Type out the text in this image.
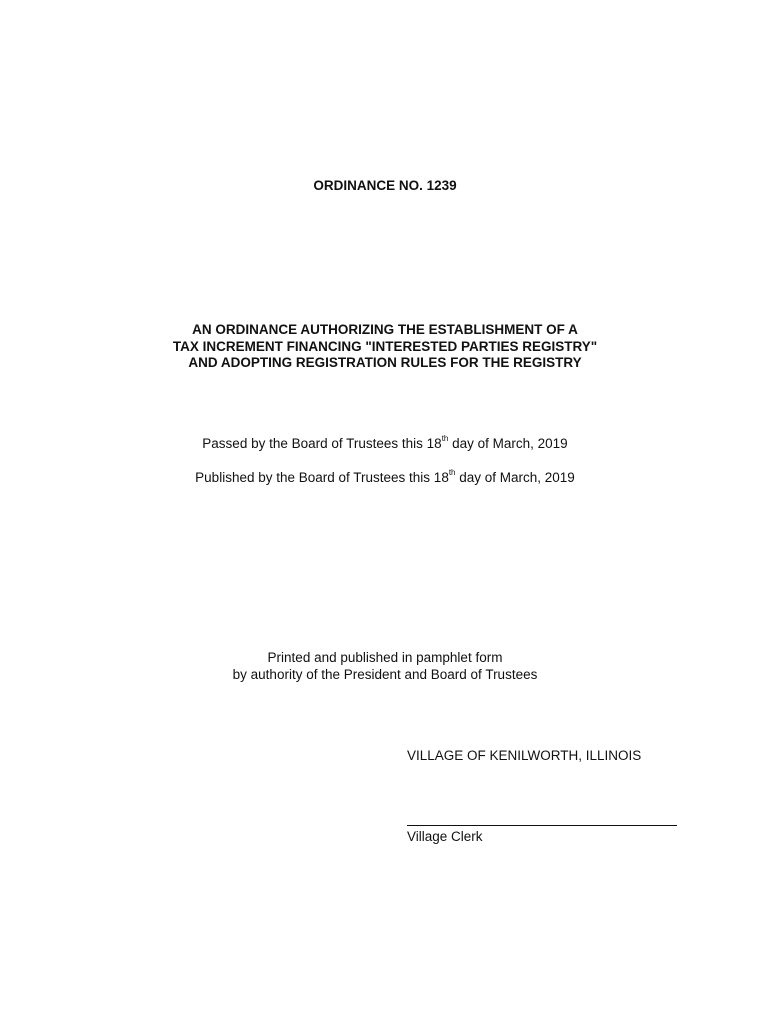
ORDINANCE NO. 1239
AN ORDINANCE AUTHORIZING THE ESTABLISHMENT OF A
TAX INCREMENT FINANCING "INTERESTED PARTIES REGISTRY"
AND ADOPTING REGISTRATION RULES FOR THE REGISTRY
Passed by the Board of Trustees this 18th day of March, 2019
Published by the Board of Trustees this 18th day of March, 2019
Printed and published in pamphlet form
by authority of the President and Board of Trustees
VILLAGE OF KENILWORTH, ILLINOIS
Village Clerk
